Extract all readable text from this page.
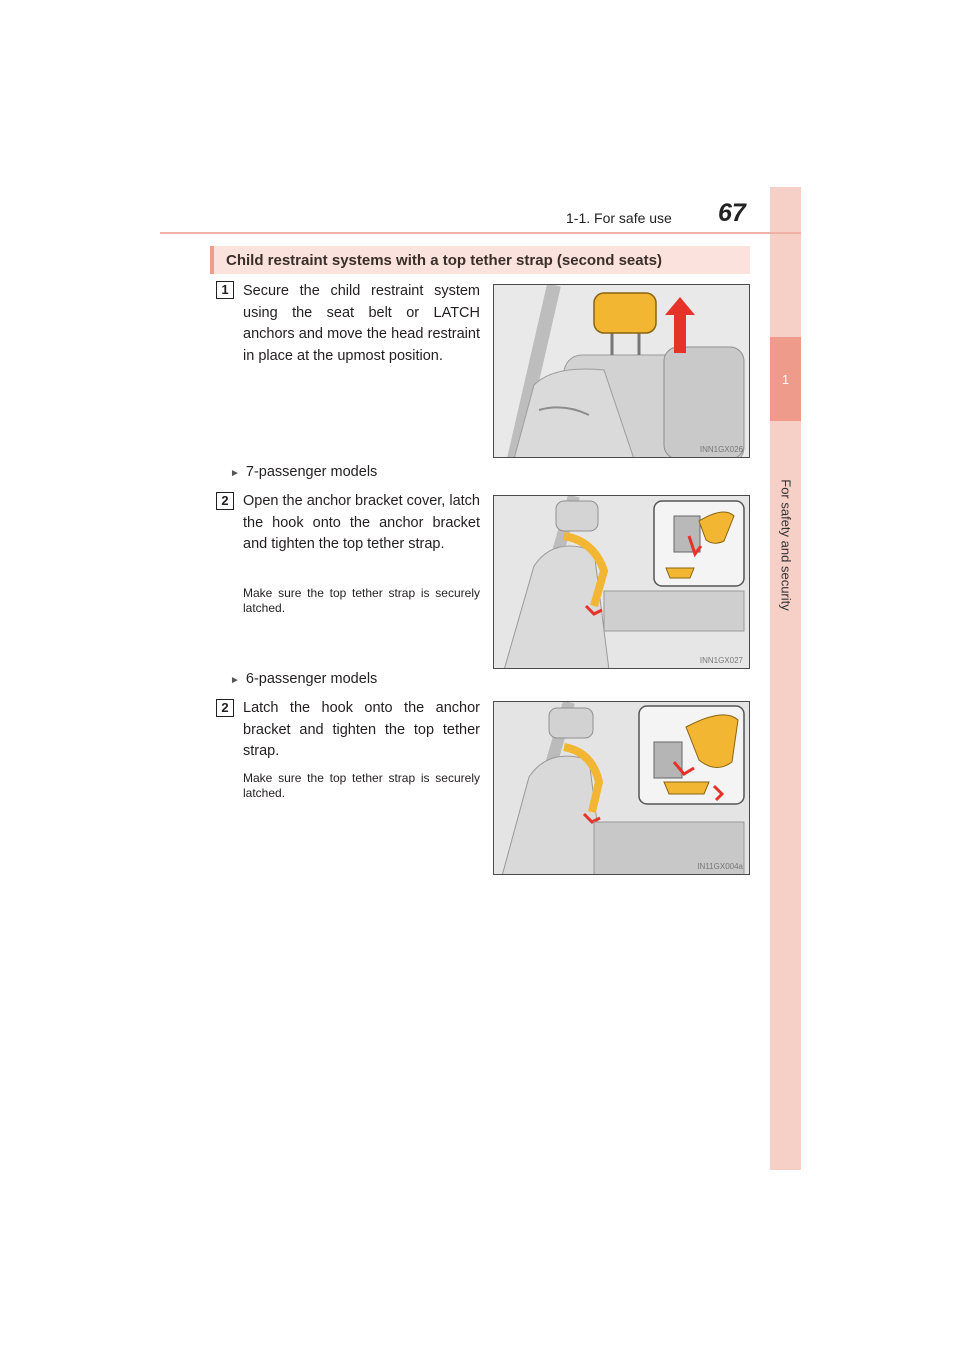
1
For safety and security
1-1. For safe use 67
Child restraint systems with a top tether strap (second seats)
1 Secure the child restraint system using the seat belt or LATCH anchors and move the head restraint in place at the upmost position.
INN1GX026
► 7-passenger models
2 Open the anchor bracket cover, latch the hook onto the anchor bracket and tighten the top tether strap.
Make sure the top tether strap is securely latched.
INN1GX027
► 6-passenger models
2 Latch the hook onto the anchor bracket and tighten the top tether strap.
Make sure the top tether strap is securely latched.
IN11GX004a
